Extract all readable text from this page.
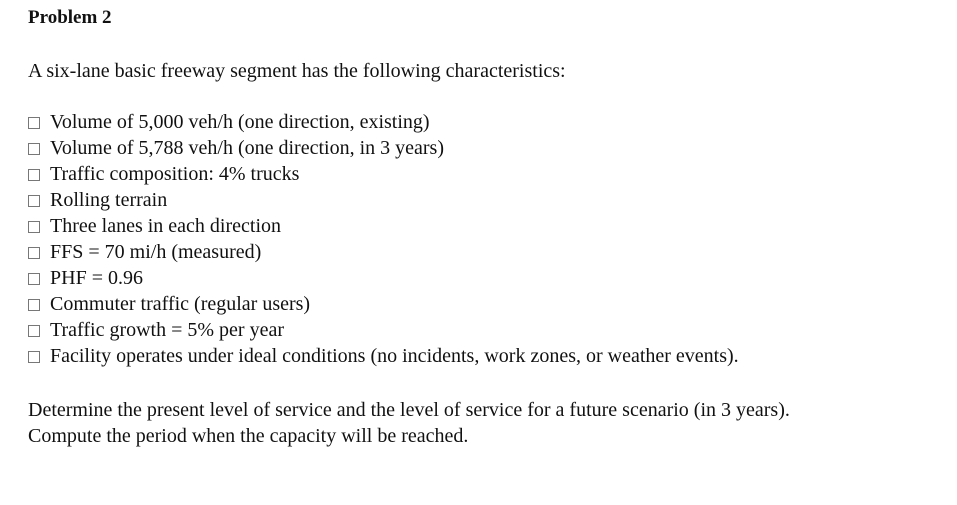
Problem 2
A six-lane basic freeway segment has the following characteristics:
Volume of 5,000 veh/h (one direction, existing)
Volume of 5,788 veh/h (one direction, in 3 years)
Traffic composition: 4% trucks
Rolling terrain
Three lanes in each direction
FFS = 70 mi/h (measured)
PHF = 0.96
Commuter traffic (regular users)
Traffic growth = 5% per year
Facility operates under ideal conditions (no incidents, work zones, or weather events).

Determine the present level of service and the level of service for a future scenario (in 3 years).
Compute the period when the capacity will be reached.
